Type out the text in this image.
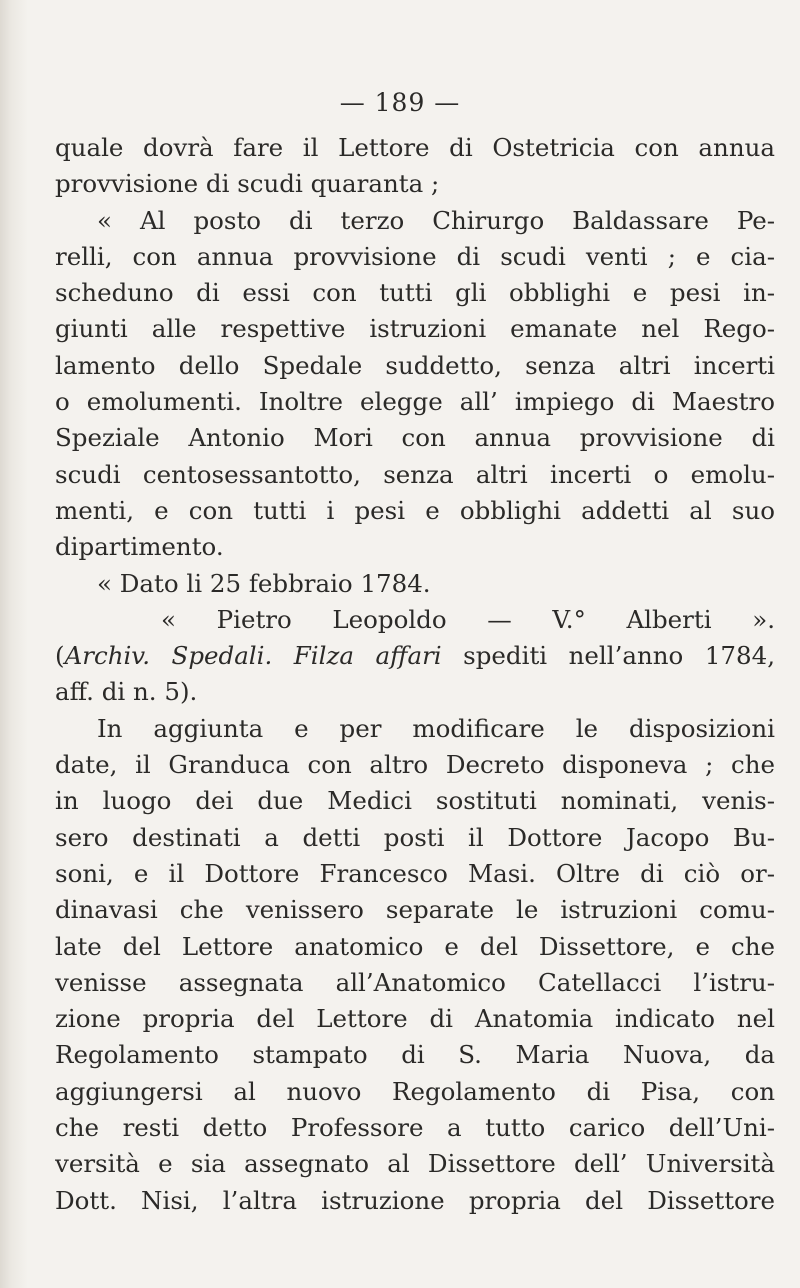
— 189 —
quale dovrà fare il Lettore di Ostetricia con annua
provvisione di scudi quaranta ;
« Al posto di terzo Chirurgo Baldassare Pe-
relli, con annua provvisione di scudi venti ; e cia-
scheduno di essi con tutti gli obblighi e pesi in-
giunti alle respettive istruzioni emanate nel Rego-
lamento dello Spedale suddetto, senza altri incerti
o emolumenti. Inoltre elegge all’ impiego di Maestro
Speziale Antonio Mori con annua provvisione di
scudi centosessantotto, senza altri incerti o emolu-
menti, e con tutti i pesi e obblighi addetti al suo
dipartimento.
« Dato li 25 febbraio 1784.
« Pietro Leopoldo — V.° Alberti ».
(Archiv. Spedali. Filza affari spediti nell’anno 1784,
aff. di n. 5).
In aggiunta e per modificare le disposizioni
date, il Granduca con altro Decreto disponeva ; che
in luogo dei due Medici sostituti nominati, venis-
sero destinati a detti posti il Dottore Jacopo Bu-
soni, e il Dottore Francesco Masi. Oltre di ciò or-
dinavasi che venissero separate le istruzioni comu-
late del Lettore anatomico e del Dissettore, e che
venisse assegnata all’Anatomico Catellacci l’istru-
zione propria del Lettore di Anatomia indicato nel
Regolamento stampato di S. Maria Nuova, da
aggiungersi al nuovo Regolamento di Pisa, con
che resti detto Professore a tutto carico dell’Uni-
versità e sia assegnato al Dissettore dell’ Università
Dott. Nisi, l’altra istruzione propria del Dissettore
